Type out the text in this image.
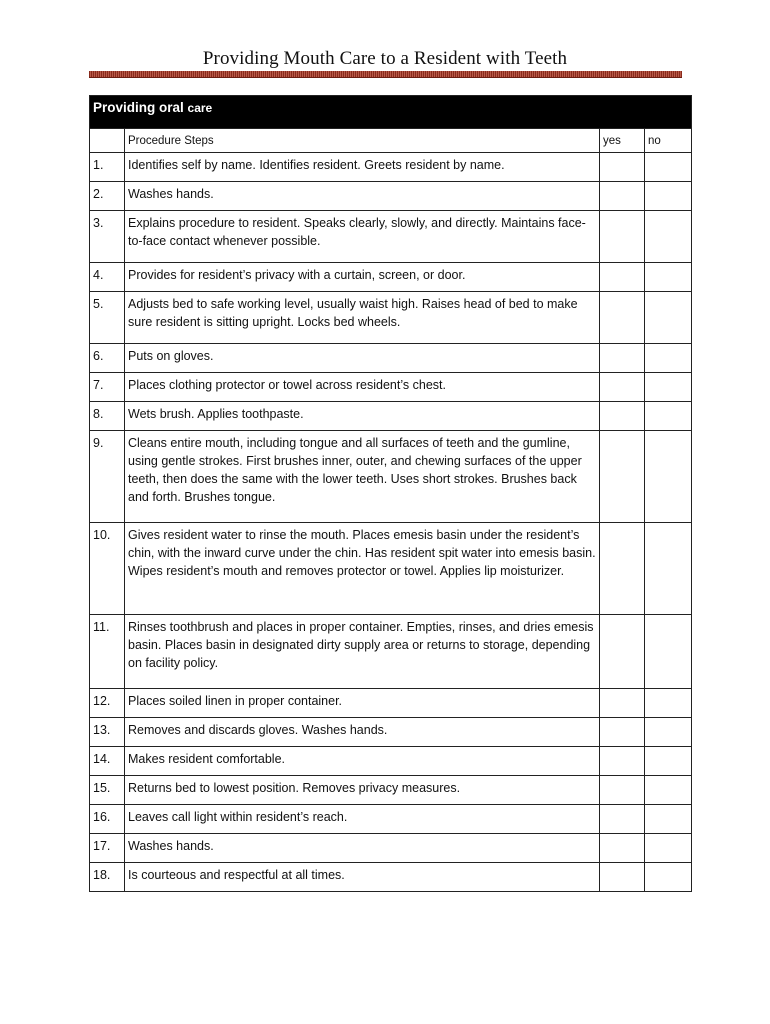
Providing Mouth Care to a Resident with Teeth
Providing oral care			
	Procedure Steps	yes	no
1.	Identifies self by name. Identifies resident. Greets resident by name.		
2.	Washes hands.		
3.	Explains procedure to resident. Speaks clearly, slowly, and directly. Maintains face-to-face contact whenever possible.		
4.	Provides for resident’s privacy with a curtain, screen, or door.		
5.	Adjusts bed to safe working level, usually waist high. Raises head of bed to make sure resident is sitting upright. Locks bed wheels.		
6.	Puts on gloves.		
7.	Places clothing protector or towel across resident’s chest.		
8.	Wets brush. Applies toothpaste.		
9.	Cleans entire mouth, including tongue and all surfaces of teeth and the gumline, using gentle strokes. First brushes inner, outer, and chewing surfaces of the upper teeth, then does the same with the lower teeth. Uses short strokes. Brushes back and forth. Brushes tongue.		
10.	Gives resident water to rinse the mouth. Places emesis basin under the resident’s chin, with the inward curve under the chin. Has resident spit water into emesis basin. Wipes resident’s mouth and removes protector or towel. Applies lip moisturizer.		
11.	Rinses toothbrush and places in proper container. Empties, rinses, and dries emesis basin. Places basin in designated dirty supply area or returns to storage, depending on facility policy.		
12.	Places soiled linen in proper container.		
13.	Removes and discards gloves. Washes hands.		
14.	Makes resident comfortable.		
15.	Returns bed to lowest position. Removes privacy measures.		
16.	Leaves call light within resident’s reach.		
17.	Washes hands.		
18.	Is courteous and respectful at all times.		
